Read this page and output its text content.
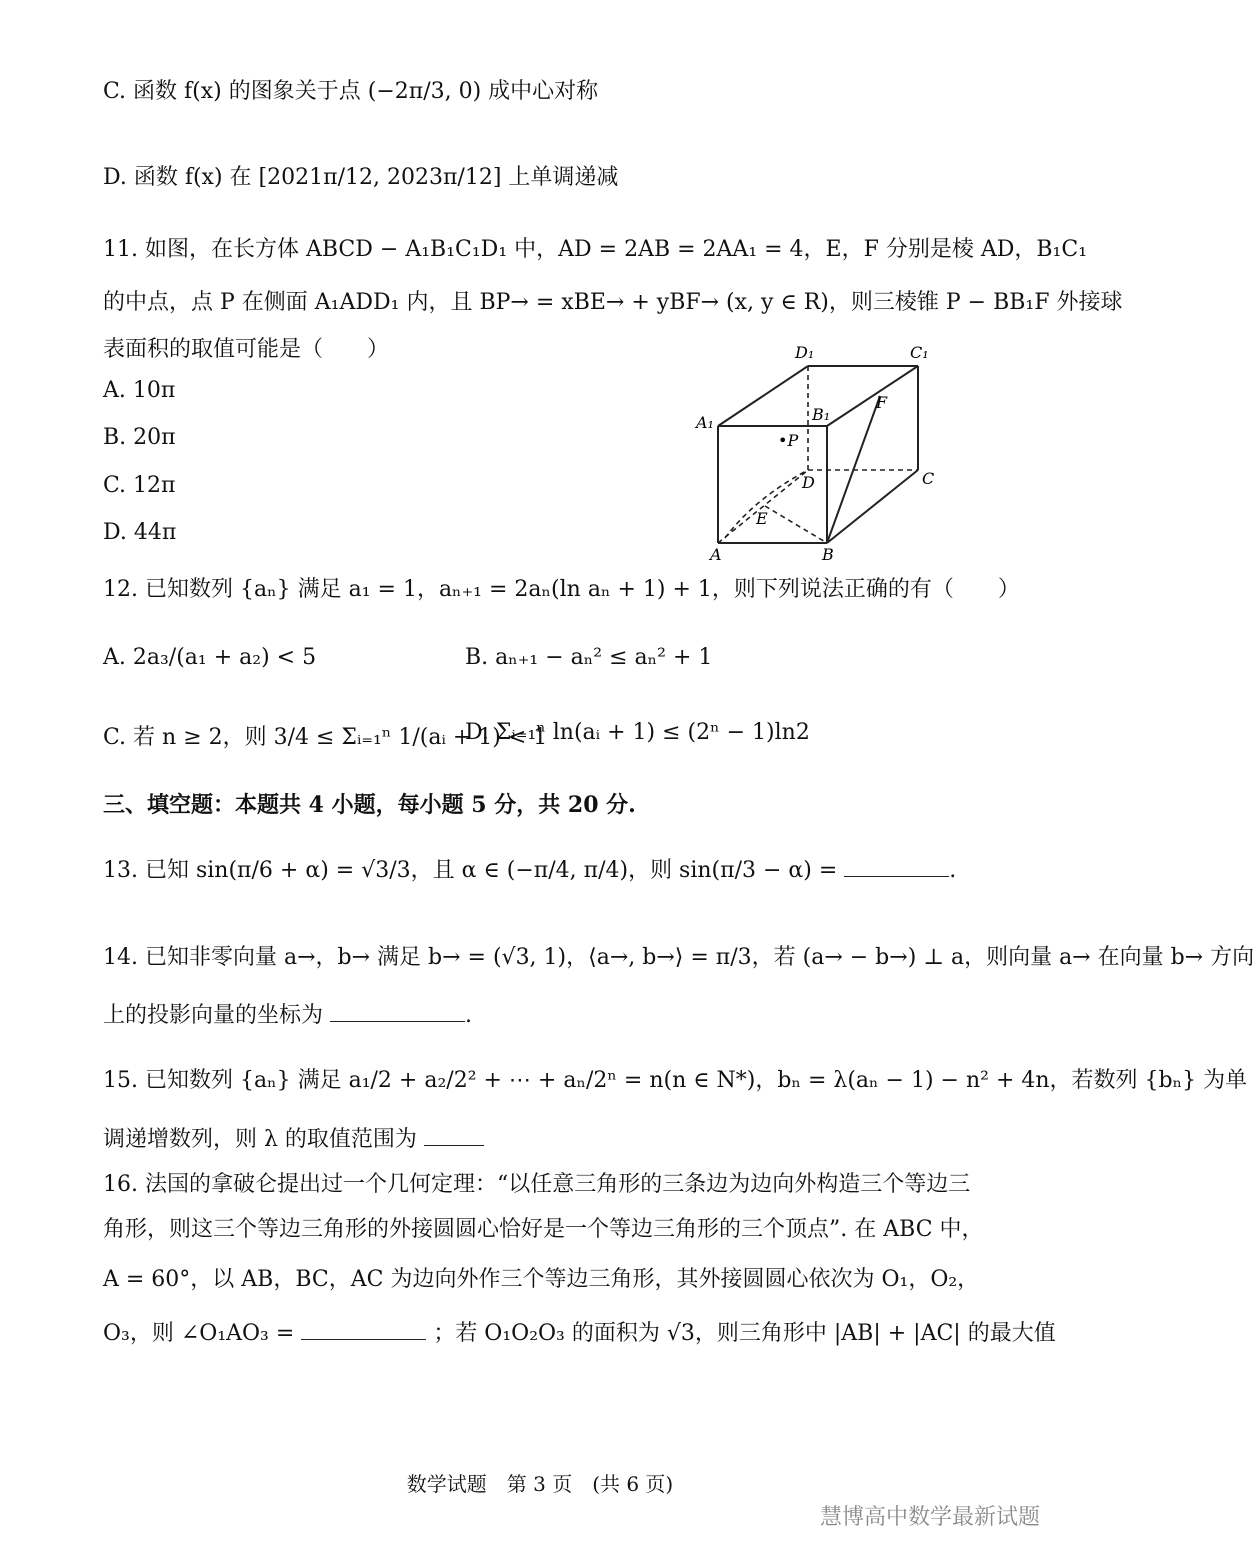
C. 函数 f(x) 的图象关于点 (−2π/3, 0) 成中心对称
D. 函数 f(x) 在 [2021π/12, 2023π/12] 上单调递减
11. 如图，在长方体 ABCD − A₁B₁C₁D₁ 中，AD = 2AB = 2AA₁ = 4，E，F 分别是棱 AD，B₁C₁
的中点，点 P 在侧面 A₁ADD₁ 内，且 BP→ = xBE→ + yBF→ (x, y ∈ R)，则三棱锥 P − BB₁F 外接球
表面积的取值可能是（　　）
A. 10π
B. 20π
C. 12π
D. 44π
D₁	C₁
A₁	B₁
F
•P
C
D
E
A	B
12. 已知数列 {aₙ} 满足 a₁ = 1，aₙ₊₁ = 2aₙ(ln aₙ + 1) + 1，则下列说法正确的有（　　）
A. 2a₃/(a₁ + a₂) < 5	B. aₙ₊₁ − aₙ² ≤ aₙ² + 1
C. 若 n ≥ 2，则 3/4 ≤ Σᵢ₌₁ⁿ 1/(aᵢ + 1) < 1
D. Σᵢ₌₁ⁿ ln(aᵢ + 1) ≤ (2ⁿ − 1)ln2
三、填空题：本题共 4 小题，每小题 5 分，共 20 分.
13. 已知 sin(π/6 + α) = √3/3，且 α ∈ (−π/4, π/4)，则 sin(π/3 − α) =	.
14. 已知非零向量 a→，b→ 满足 b→ = (√3, 1)，⟨a→, b→⟩ = π/3，若 (a→ − b→) ⊥ a，则向量 a→ 在向量 b→ 方向
上的投影向量的坐标为	.
15. 已知数列 {aₙ} 满足 a₁/2 + a₂/2² + ⋯ + aₙ/2ⁿ = n(n ∈ N*)，bₙ = λ(aₙ − 1) − n² + 4n，若数列 {bₙ} 为单
调递增数列，则 λ 的取值范围为
16. 法国的拿破仑提出过一个几何定理：“以任意三角形的三条边为边向外构造三个等边三
角形，则这三个等边三角形的外接圆圆心恰好是一个等边三角形的三个顶点”. 在 ABC 中，
A = 60°，以 AB，BC，AC 为边向外作三个等边三角形，其外接圆圆心依次为 O₁，O₂，
O₃，则 ∠O₁AO₃ =	；若 O₁O₂O₃ 的面积为 √3，则三角形中 |AB| + |AC| 的最大值
数学试题　第 3 页　(共 6 页)
慧博高中数学最新试题
